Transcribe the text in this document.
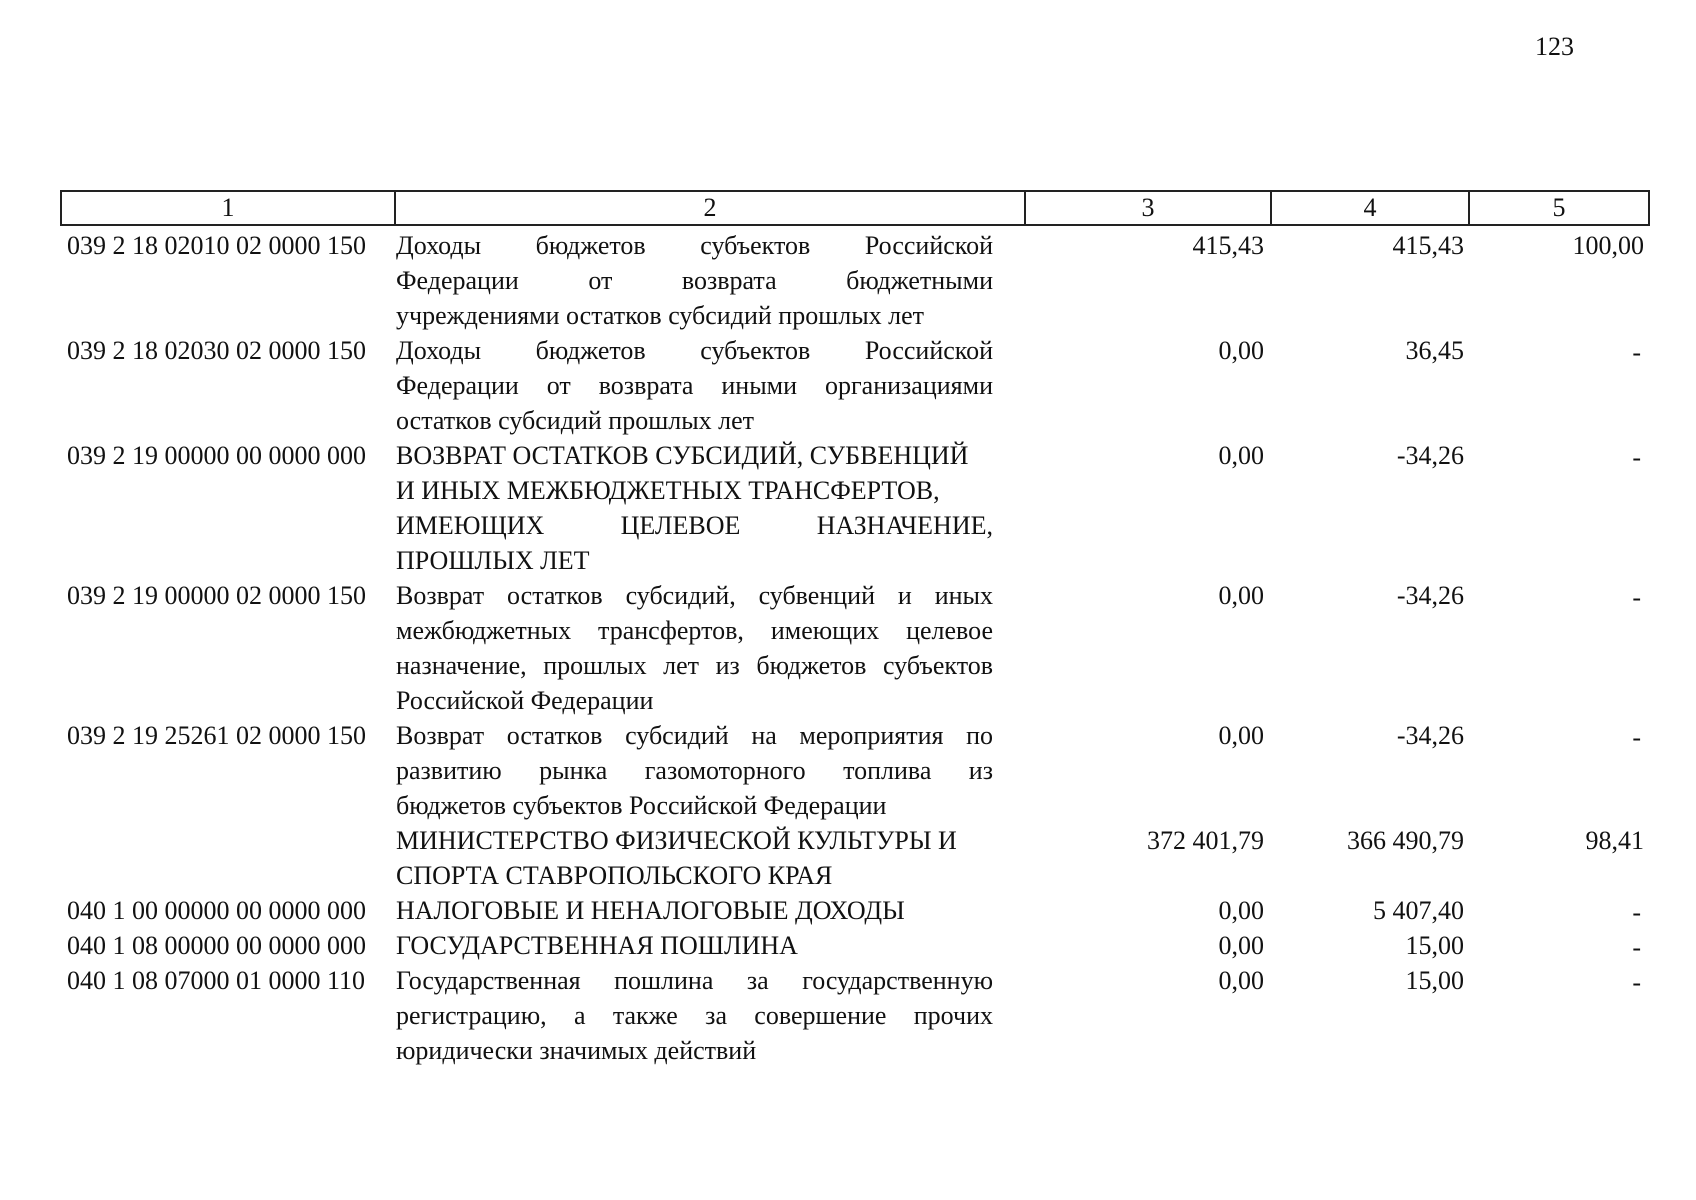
123
1	2	3	4	5
039 2 18 02010 02 0000 150	Доходы бюджетов субъектов Российской
Федерации от возврата бюджетными
учреждениями остатков субсидий прошлых лет
415,43	415,43	100,00
039 2 18 02030 02 0000 150	Доходы бюджетов субъектов Российской
Федерации от возврата иными организациями
остатков субсидий прошлых лет
0,00	36,45	-
039 2 19 00000 00 0000 000	ВОЗВРАТ ОСТАТКОВ СУБСИДИЙ, СУБВЕНЦИЙ
И ИНЫХ МЕЖБЮДЖЕТНЫХ ТРАНСФЕРТОВ,
ИМЕЮЩИХ ЦЕЛЕВОЕ НАЗНАЧЕНИЕ,
ПРОШЛЫХ ЛЕТ
0,00	-34,26	-
039 2 19 00000 02 0000 150	Возврат остатков субсидий, субвенций и иных
межбюджетных трансфертов, имеющих целевое
назначение, прошлых лет из бюджетов субъектов
Российской Федерации
0,00	-34,26	-
039 2 19 25261 02 0000 150	Возврат остатков субсидий на мероприятия по
развитию рынка газомоторного топлива из
бюджетов субъектов Российской Федерации
0,00	-34,26	-
МИНИСТЕРСТВО ФИЗИЧЕСКОЙ КУЛЬТУРЫ И
СПОРТА СТАВРОПОЛЬСКОГО КРАЯ
372 401,79	366 490,79	98,41
040 1 00 00000 00 0000 000	НАЛОГОВЫЕ И НЕНАЛОГОВЫЕ ДОХОДЫ	0,00	5 407,40	-
040 1 08 00000 00 0000 000	ГОСУДАРСТВЕННАЯ ПОШЛИНА	0,00	15,00	-
040 1 08 07000 01 0000 110	Государственная пошлина за государственную
регистрацию, а также за совершение прочих
юридически значимых действий
0,00	15,00	-
